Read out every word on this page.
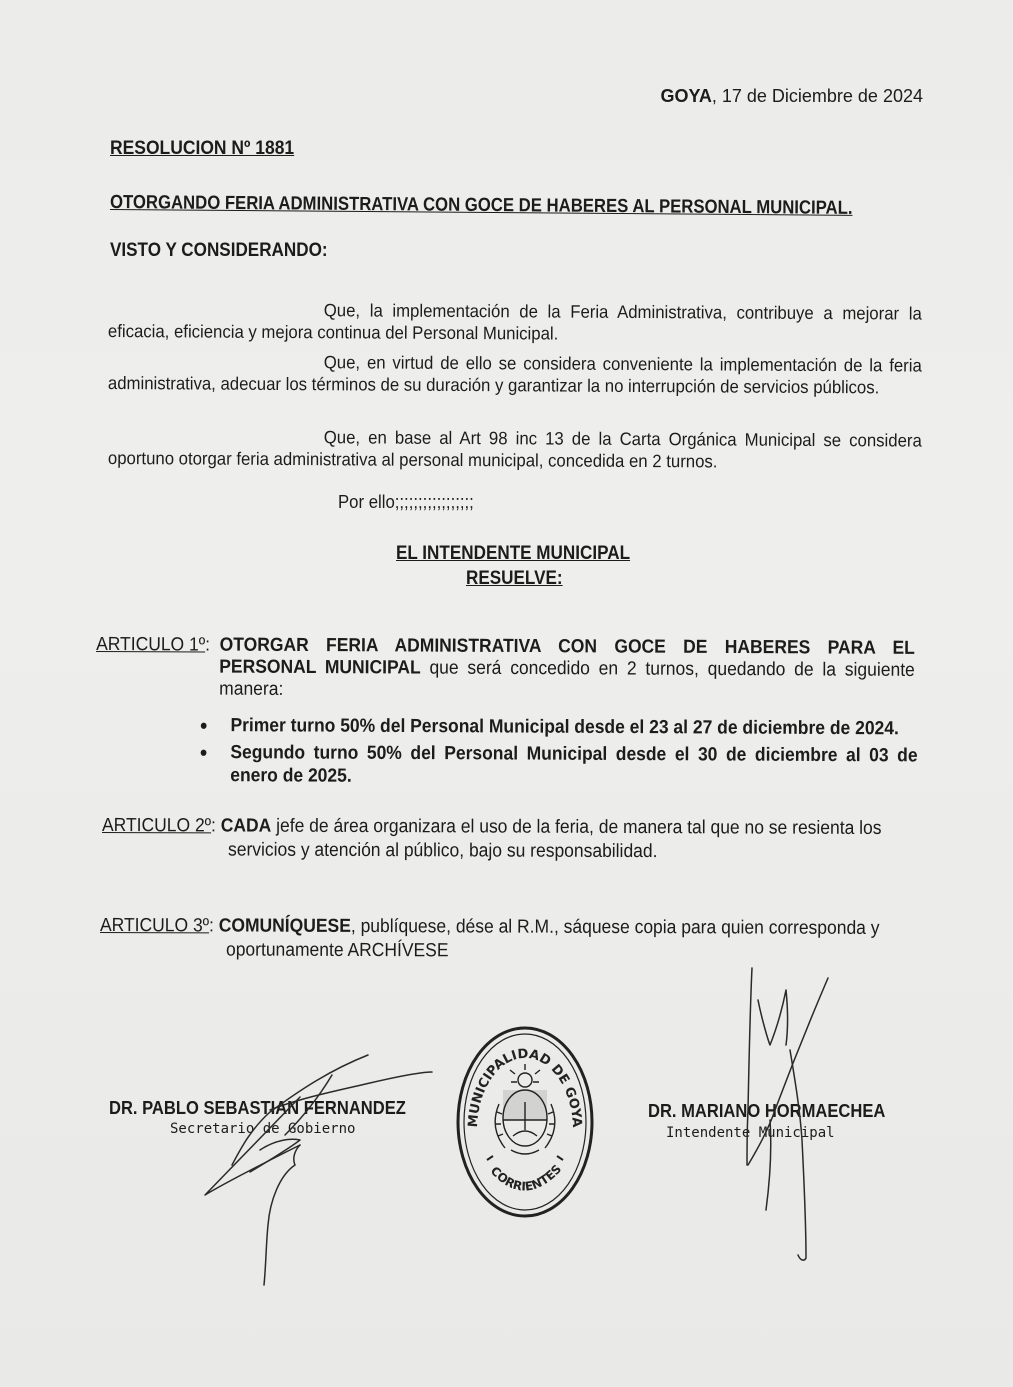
GOYA, 17 de Diciembre de 2024

RESOLUCION Nº 1881

OTORGANDO FERIA ADMINISTRATIVA CON GOCE DE HABERES AL PERSONAL MUNICIPAL.

VISTO Y CONSIDERANDO:

Que, la implementación de la Feria Administrativa, contribuye a mejorar la eficacia, eficiencia y mejora continua del Personal Municipal.

Que, en virtud de ello se considera conveniente la implementación de la feria administrativa, adecuar los términos de su duración y garantizar la no interrupción de servicios públicos.

Que, en base al Art 98 inc 13 de la Carta Orgánica Municipal se considera oportuno otorgar feria administrativa al personal municipal, concedida en 2 turnos.

Por ello;;;;;;;;;;;;;;;;;

EL INTENDENTE MUNICIPAL

RESUELVE:

ARTICULO 1º: OTORGAR FERIA ADMINISTRATIVA CON GOCE DE HABERES PARA EL
PERSONAL MUNICIPAL que será concedido en 2 turnos, quedando de la siguiente manera:
• Primer turno 50% del Personal Municipal desde el 23 al 27 de diciembre de 2024.
• Segundo turno 50% del Personal Municipal desde el 30 de diciembre al 03 de enero de 2025.
ARTICULO 2º: CADA jefe de área organizara el uso de la feria, de manera tal que no se resienta los
servicios y atención al público, bajo su responsabilidad.
ARTICULO 3º: COMUNÍQUESE, publíquese, dése al R.M., sáquese copia para quien corresponda y
oportunamente ARCHÍVESE

DR. PABLO SEBASTIAN FERNANDEZ

Secretario de Gobierno

DR. MARIANO HORMAECHEA

Intendente Municipal

MUNICIPALIDAD DE GOYA
CORRIENTES
